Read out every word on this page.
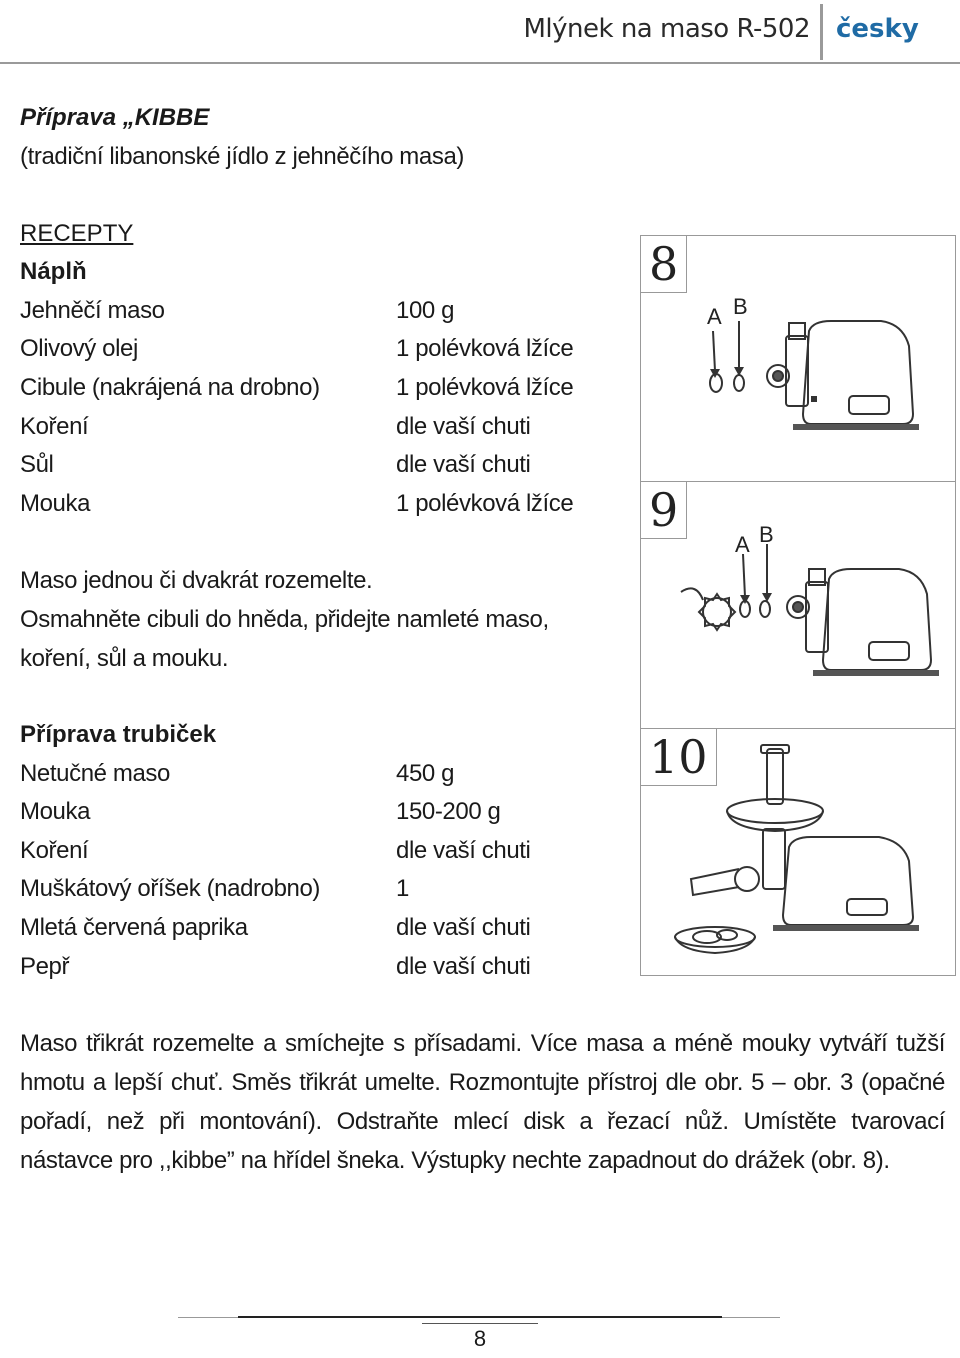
Mlýnek na maso R-502 česky
Příprava „KIBBE
(tradiční libanonské jídlo z jehněčího masa)
RECEPTY
Náplň
Jehněčí maso	100 g
Olivový olej	1 polévková lžíce
Cibule (nakrájená na drobno)	1 polévková lžíce
Koření	dle vaší chuti
Sůl	dle vaší chuti
Mouka	1 polévková lžíce
Maso jednou či dvakrát rozemelte.
Osmahněte cibuli do hněda, přidejte namleté maso,
koření, sůl a mouku.
Příprava trubiček
Netučné maso	450 g
Mouka	150-200 g
Koření	dle vaší chuti
Muškátový oříšek (nadrobno)	1
Mletá červená paprika	dle vaší chuti
Pepř	dle vaší chuti
Maso třikrát rozemelte a smíchejte s přísadami. Více masa a méně mouky vytváří tužší hmotu a lepší chuť. Směs třikrát umelte. Rozmontujte přístroj dle obr. 5 – obr. 3 (opačné pořadí, než při montování). Odstraňte mlecí disk a řezací nůž. Umístěte tvarovací nástavce pro ,,kibbe” na hřídel šneka. Výstupky nechte zapadnout do drážek (obr. 8).
8
A B
9
A B
10
8
